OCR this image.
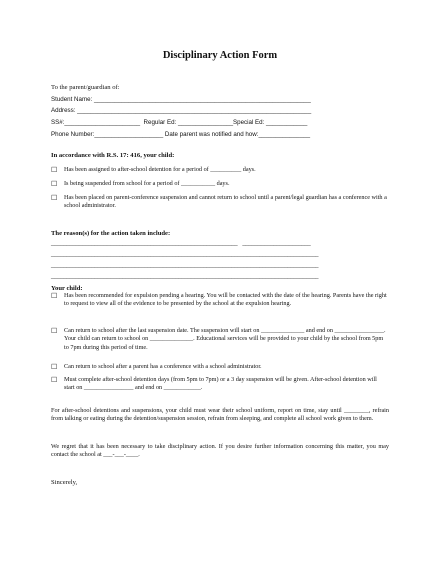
Disciplinary Action Form
To the parent/guardian of:
Student Name: _______________________________________________________________
Address: ____________________________________________________________________
SS#:______________________  Regular Ed: ________________Special Ed: ____________
Phone Number:____________________ Date parent was notified and how:_______________
In accordance with R.S. 17: 416, your child:
☐ Has been assigned to after-school detention for a period of __________ days.
☐ Is being suspended from school for a period of ___________ days.
☐ Has been placed on parent-conference suspension and cannot return to school until a parent/legal guardian has a conference with a school administrator.
The reason(s) for the action taken include:
____________________________________________________________   ______________________
______________________________________________________________________________________
______________________________________________________________________________________
______________________________________________________________________________________
Your child:
☐ Has been recommended for expulsion pending a hearing. You will be contacted with the date of the hearing. Parents have the right to request to view all of the evidence to be presented by the school at the expulsion hearing.
☐ Can return to school after the last suspension date. The suspension will start on ______________ and end on ________________. Your child can return to school on ______________. Educational services will be provided to your child by the school from 5pm to 7pm during this period of time.
☐ Can return to school after a parent has a conference with a school administrator.
☐ Must complete after-school detention days (from 5pm to 7pm) or a 3 day suspension will be given. After-school detention will start on ________________ and end on ____________.
For after-school detentions and suspensions, your child must wear their school uniform, report on time, stay until ________, refrain from talking or eating during the detention/suspension session, refrain from sleeping, and complete all school work given to them.
We regret that it has been necessary to take disciplinary action. If you desire further information concerning this matter, you may contact the school at ___-___-____.
Sincerely,
